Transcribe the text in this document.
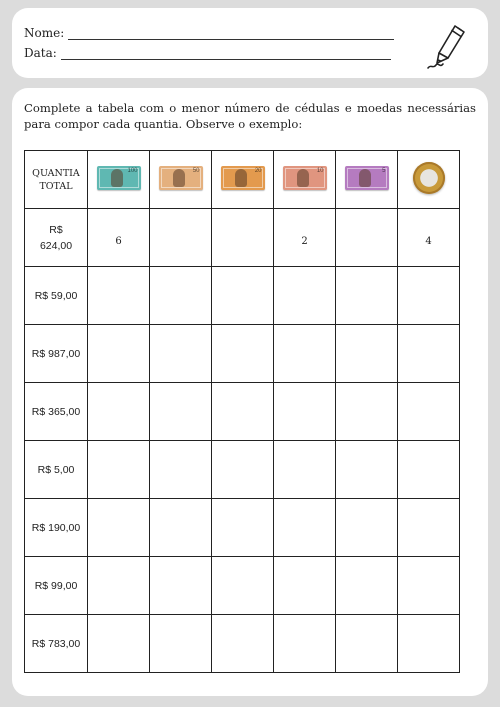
Nome:
Data:
Complete a tabela com o menor número de cédulas e moedas necessárias para compor cada quantia. Observe o exemplo:
QUANTIA
TOTAL	100	50	20	10	5	

R$
624,00	6			2		4

R$ 59,00						
R$ 987,00						
R$ 365,00						
R$ 5,00						
R$ 190,00						
R$ 99,00						
R$ 783,00						
